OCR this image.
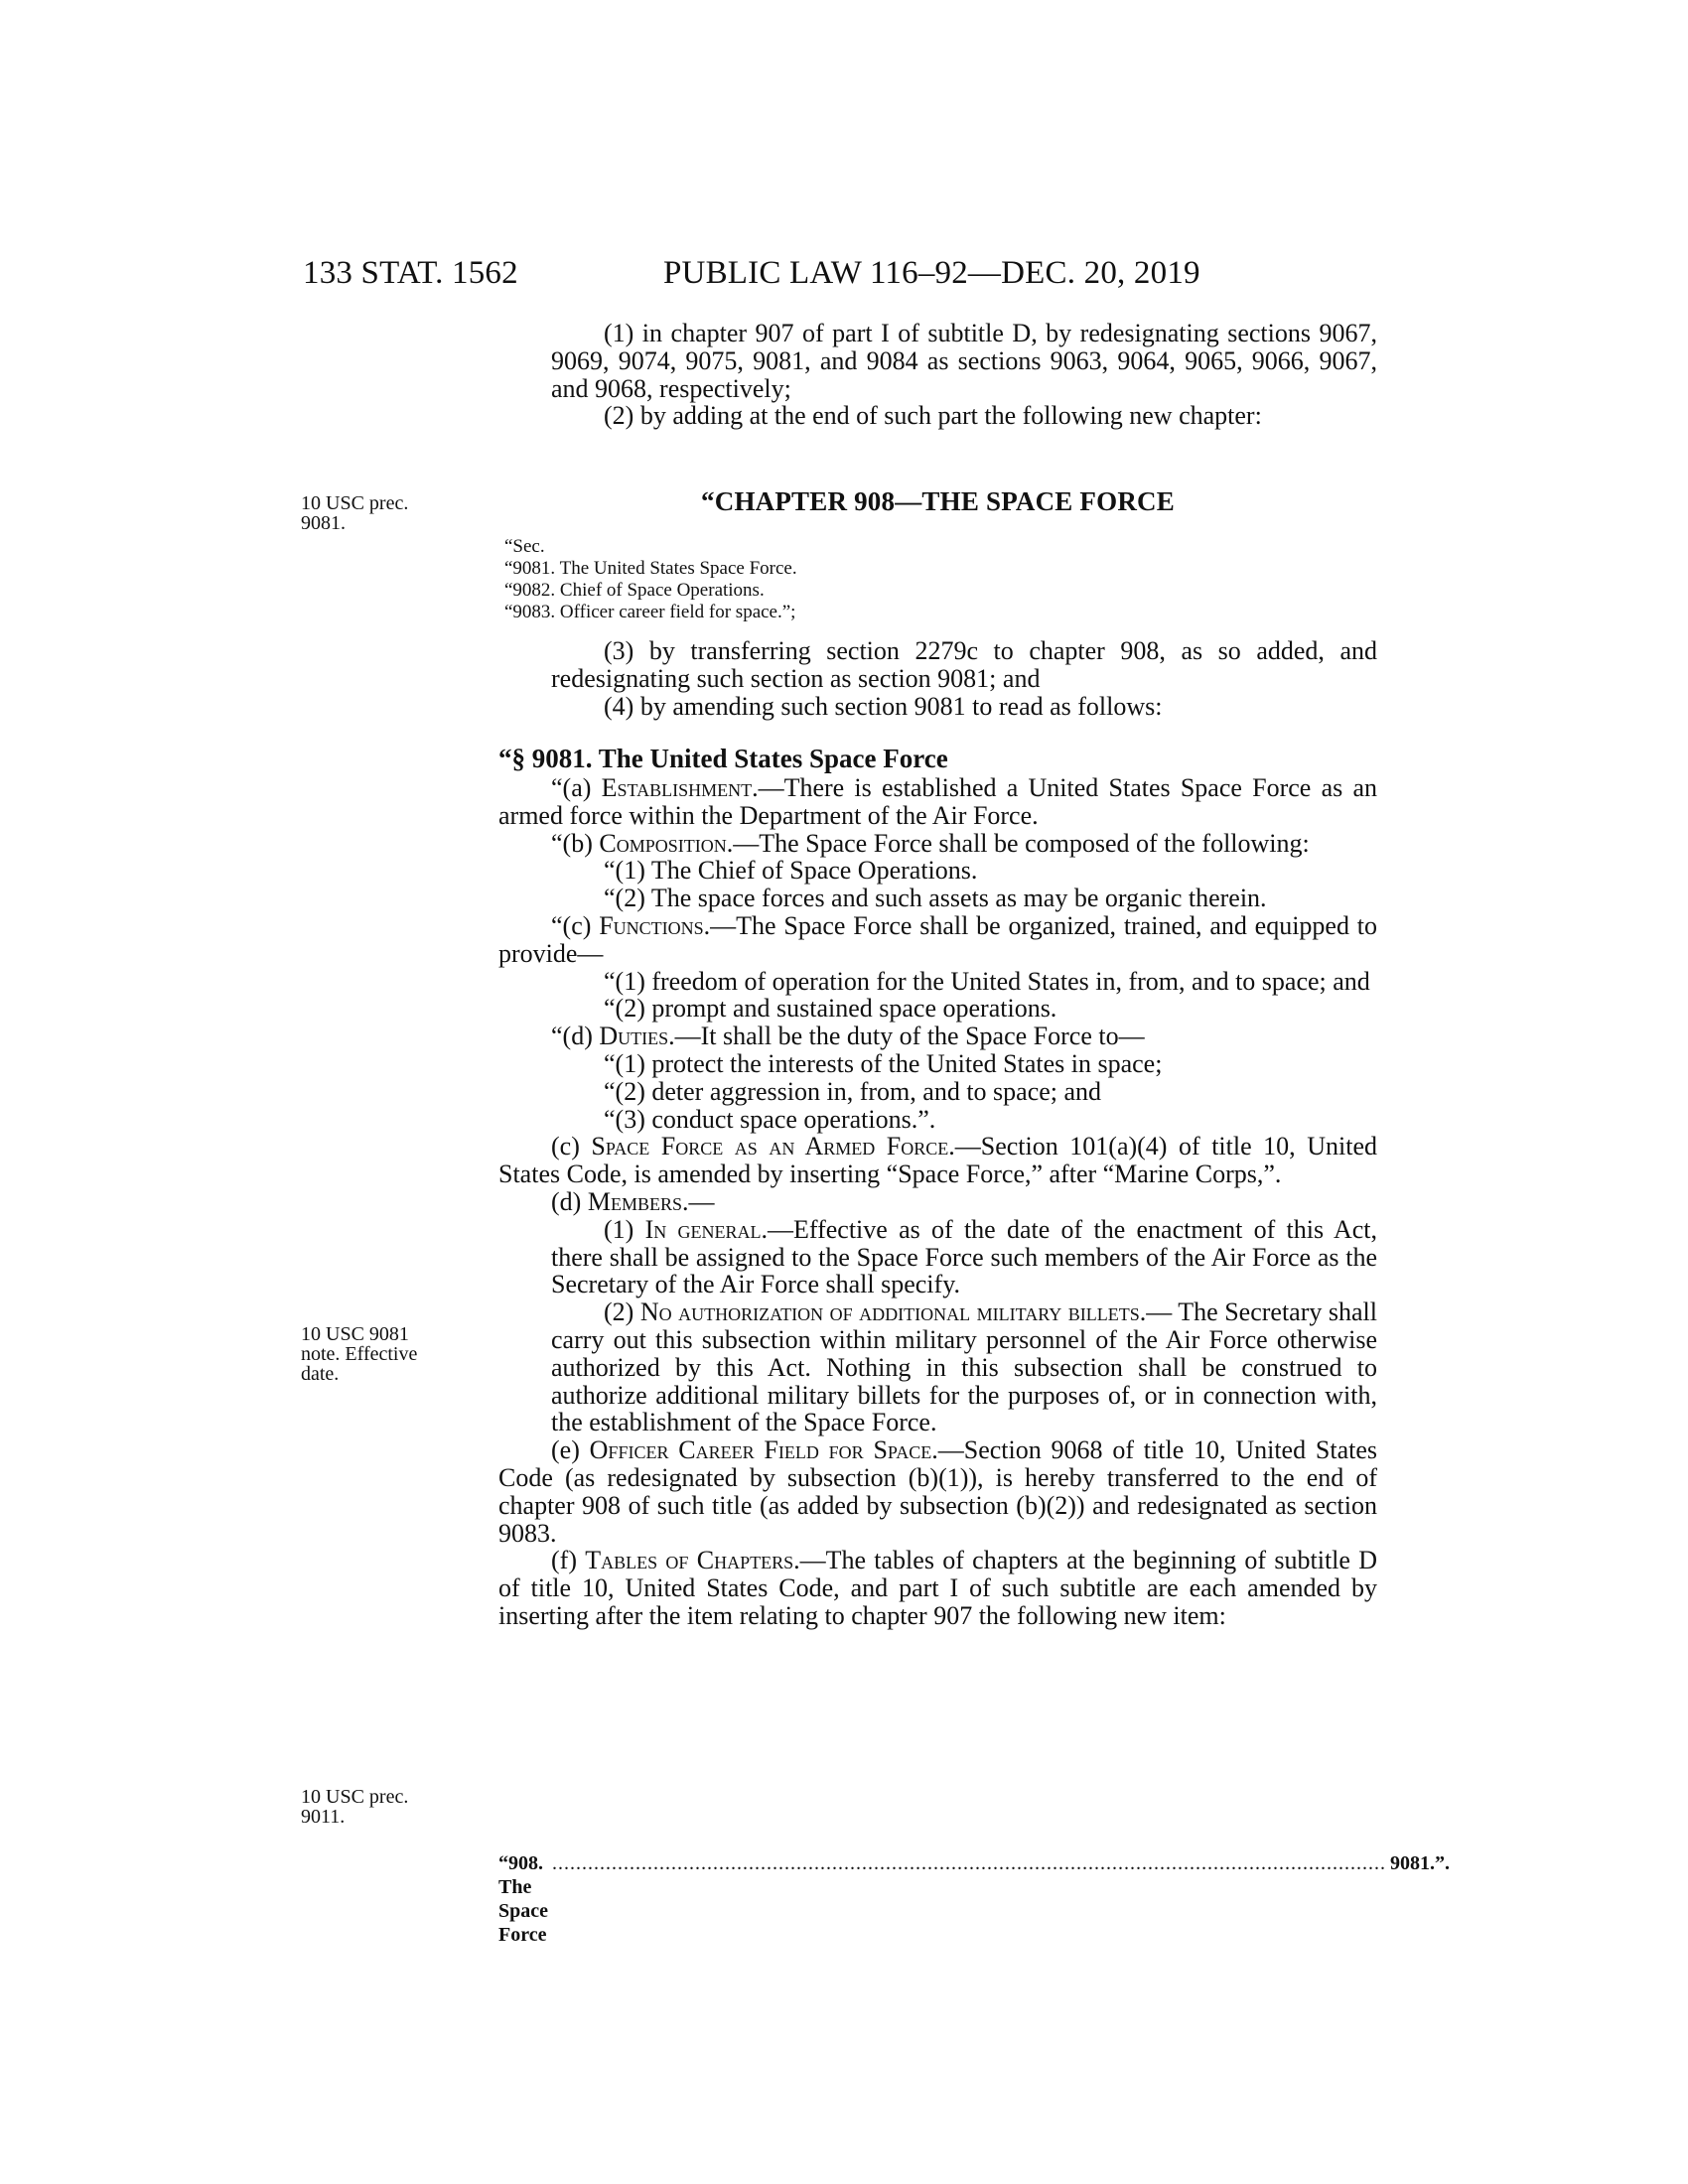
133 STAT. 1562	PUBLIC LAW 116–92—DEC. 20, 2019

(1) in chapter 907 of part I of subtitle D, by redesignating sections 9067, 9069, 9074, 9075, 9081, and 9084 as sections 9063, 9064, 9065, 9066, 9067, and 9068, respectively;

(2) by adding at the end of such part the following new chapter:

10 USC prec. 9081.
10 USC 9081 note. Effective date.
10 USC prec. 9011.
“CHAPTER 908—THE SPACE FORCE
“Sec.
“9081. The United States Space Force.
“9082. Chief of Space Operations.
“9083. Officer career field for space.”;

(3) by transferring section 2279c to chapter 908, as so added, and redesignating such section as section 9081; and

(4) by amending such section 9081 to read as follows:

“§ 9081. The United States Space Force

“(a) Establishment.—There is established a United States Space Force as an armed force within the Department of the Air Force.

“(b) Composition.—The Space Force shall be composed of the following:

“(1) The Chief of Space Operations.

“(2) The space forces and such assets as may be organic therein.

“(c) Functions.—The Space Force shall be organized, trained, and equipped to provide—

“(1) freedom of operation for the United States in, from, and to space; and

“(2) prompt and sustained space operations.

“(d) Duties.—It shall be the duty of the Space Force to—

“(1) protect the interests of the United States in space;

“(2) deter aggression in, from, and to space; and

“(3) conduct space operations.”.

(c) Space Force as an Armed Force.—Section 101(a)(4) of title 10, United States Code, is amended by inserting “Space Force,” after “Marine Corps,”.

(d) Members.—

(1) In general.—Effective as of the date of the enactment of this Act, there shall be assigned to the Space Force such members of the Air Force as the Secretary of the Air Force shall specify.

(2) No authorization of additional military billets.— The Secretary shall carry out this subsection within military personnel of the Air Force otherwise authorized by this Act. Nothing in this subsection shall be construed to authorize additional military billets for the purposes of, or in connection with, the establishment of the Space Force.

(e) Officer Career Field for Space.—Section 9068 of title 10, United States Code (as redesignated by subsection (b)(1)), is hereby transferred to the end of chapter 908 of such title (as added by subsection (b)(2)) and redesignated as section 9083.

(f) Tables of Chapters.—The tables of chapters at the beginning of subtitle D of title 10, United States Code, and part I of such subtitle are each amended by inserting after the item relating to chapter 907 the following new item:

“908. The Space Force
............................................................................................................................................ 9081.”.
